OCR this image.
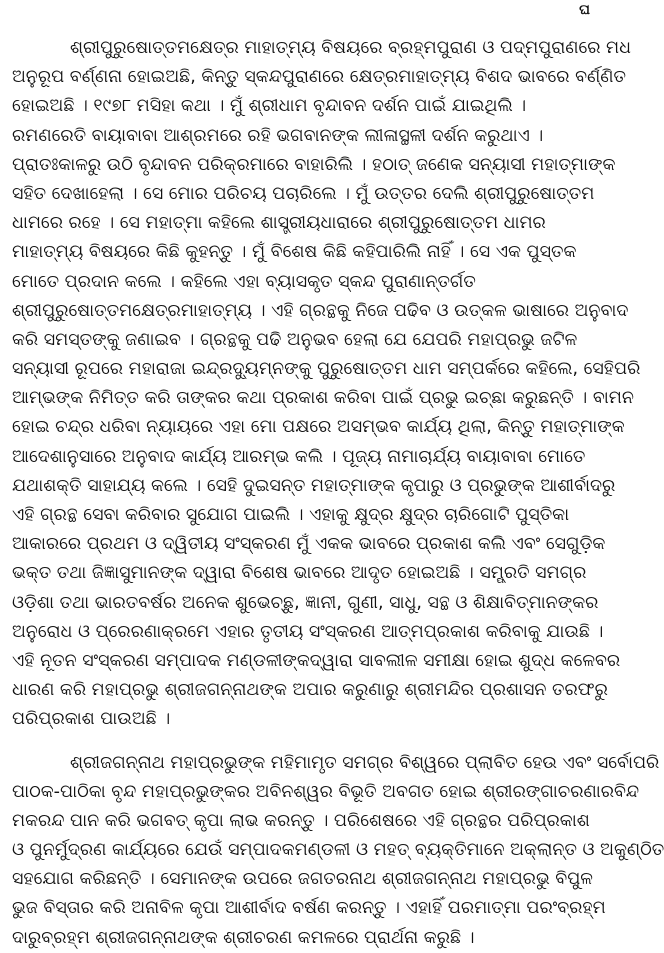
ଘ
ଶ୍ରୀପୁରୁଷୋତ୍ତମକ୍ଷେତ୍ର ମାହାତ୍ମ୍ୟ ବିଷୟରେ ବ୍ରହ୍ମପୁରାଣ ଓ ପଦ୍ମପୁରାଣରେ ମଧ
ଅନୁରୂପ ବର୍ଣ୍ଣନା ହୋଇଅଛି, କିନ୍ତୁ ସ୍କନ୍ଦପୁରାଣରେ କ୍ଷେତ୍ରମାହାତ୍ମ୍ୟ ବିଶଦ ଭାବରେ ବର୍ଣ୍ଣିତ
ହୋଇଅଛି । ୧୯୭୮ ମସିହା କଥା । ମୁଁ ଶ୍ରୀଧାମ ବୃନ୍ଦାବନ ଦର୍ଶନ ପାଇଁ ଯାଇଥିଲି ।
ରମଣରେତି ବାୟାବାବା ଆଶ୍ରମରେ ରହି ଭଗବାନଙ୍କ ଲୀଳାସ୍ଥଳୀ ଦର୍ଶନ କରୁଥାଏ ।
ପ୍ରାତଃକାଳରୁ ଉଠି ବୃନ୍ଦାବନ ପରିକ୍ରମାରେ ବାହାରିଲି । ହଠାତ୍ ଜଣେକ ସନ୍ୟାସୀ ମହାତ୍ମାଙ୍କ
ସହିତ ଦେଖାହେଲା । ସେ ମୋର ପରିଚୟ ପଚାରିଲେ । ମୁଁ ଉତ୍ତର ଦେଲି ଶ୍ରୀପୁରୁଷୋତ୍ତମ
ଧାମରେ ରହେ । ସେ ମହାତ୍ମା କହିଲେ ଶାସ୍ତ୍ରୀୟଧାରାରେ ଶ୍ରୀପୁରୁଷୋତ୍ତମ ଧାମର
ମାହାତ୍ମ୍ୟ ବିଷୟରେ କିଛି କୁହନ୍ତୁ । ମୁଁ ବିଶେଷ କିଛି କହିପାରିଲି ନାହିଁ । ସେ ଏକ ପୁସ୍ତକ
ମୋତେ ପ୍ରଦାନ କଲେ । କହିଲେ ଏହା ବ୍ୟାସକୃତ ସ୍କନ୍ଦ ପୁରାଣାନ୍ତର୍ଗତ
ଶ୍ରୀପୁରୁଷୋତ୍ତମକ୍ଷେତ୍ରମାହାତ୍ମ୍ୟ । ଏହି ଗ୍ରନ୍ଥକୁ ନିଜେ ପଢିବ ଓ ଉତ୍କଳ ଭାଷାରେ ଅନୁବାଦ
କରି ସମସ୍ତଙ୍କୁ ଜଣାଇବ । ଗ୍ରନ୍ଥକୁ ପଢି ଅନୁଭବ ହେଲା ଯେ ଯେପରି ମହାପ୍ରଭୁ ଜଟିଳ
ସନ୍ୟାସୀ ରୂପରେ ମହାରାଜା ଇନ୍ଦ୍ରଦ୍ୟୁମ୍ନଙ୍କୁ ପୁରୁଷୋତ୍ତମ ଧାମ ସମ୍ପର୍କରେ କହିଲେ, ସେହିପରି
ଆମ୍ଭଙ୍କ ନିମିତ୍ତ କରି ତାଙ୍କର କଥା ପ୍ରକାଶ କରିବା ପାଇଁ ପ୍ରଭୁ ଇଚ୍ଛା କରୁଛନ୍ତି । ବାମନ
ହୋଇ ଚନ୍ଦ୍ର ଧରିବା ନ୍ୟାୟରେ ଏହା ମୋ ପକ୍ଷରେ ଅସମ୍ଭବ କାର୍ଯ୍ୟ ଥିଲା, କିନ୍ତୁ ମହାତ୍ମାଙ୍କ
ଆଦେଶାନୁସାରେ ଅନୁବାଦ କାର୍ଯ୍ୟ ଆରମ୍ଭ କଲି । ପୂଜ୍ୟ ନାମାଚାର୍ଯ୍ୟ ବାୟାବାବା ମୋତେ
ଯଥାଶକ୍ତି ସାହାଯ୍ୟ କଲେ । ସେହି ଦୁଇସନ୍ତ ମହାତ୍ମାଙ୍କ କୃପାରୁ ଓ ପ୍ରଭୁଙ୍କ ଆଶୀର୍ବାଦରୁ
ଏହି ଗ୍ରନ୍ଥ ସେବା କରିବାର ସୁଯୋଗ ପାଇଲି । ଏହାକୁ କ୍ଷୁଦ୍ର କ୍ଷୁଦ୍ର ଚାରିଗୋଟି ପୁସ୍ତିକା
ଆକାରରେ ପ୍ରଥମ ଓ ଦ୍ୱିତୀୟ ସଂସ୍କରଣ ମୁଁ ଏକକ ଭାବରେ ପ୍ରକାଶ କଲି ଏବଂ ସେଗୁଡ଼ିକ
ଭକ୍ତ ତଥା ଜିଜ୍ଞାସୁମାନଙ୍କ ଦ୍ୱାରା ବିଶେଷ ଭାବରେ ଆଦୃତ ହୋଇଅଛି । ସମ୍ପ୍ରତି ସମଗ୍ର
ଓଡ଼ିଶା ତଥା ଭାରତବର୍ଷର ଅନେକ ଶୁଭେଚ୍ଛୁ, ଜ୍ଞାନୀ, ଗୁଣୀ, ସାଧୁ, ସନ୍ଥ ଓ ଶିକ୍ଷାବିତ୍‌ମାନଙ୍କର
ଅନୁରୋଧ ଓ ପ୍ରେରଣାକ୍ରମେ ଏହାର ତୃତୀୟ ସଂସ୍କରଣ ଆତ୍ମପ୍ରକାଶ କରିବାକୁ ଯାଉଛି ।
ଏହି ନୂତନ ସଂସ୍କରଣ ସମ୍ପାଦକ ମଣ୍ଡଳୀଙ୍କଦ୍ୱାରା ସାବଲୀଳ ସମୀକ୍ଷା ହୋଇ ଶୁଦ୍ଧ କଳେବର
ଧାରଣ କରି ମହାପ୍ରଭୁ ଶ୍ରୀଜଗନ୍ନାଥଙ୍କ ଅପାର କରୁଣାରୁ ଶ୍ରୀମନ୍ଦିର ପ୍ରଶାସନ ତରଫରୁ
ପରିପ୍ରକାଶ ପାଉଅଛି ।
ଶ୍ରୀଜଗନ୍ନାଥ ମହାପ୍ରଭୁଙ୍କ ମହିମାମୃତ ସମଗ୍ର ବିଶ୍ୱରେ ପ୍ଲାବିତ ହେଉ ଏବଂ ସର୍ବୋପରି
ପାଠକ-ପାଠିକା ବୃନ୍ଦ ମହାପ୍ରଭୁଙ୍କର ଅବିନଶ୍ୱର ବିଭୂତି ଅବଗତ ହୋଇ ଶ୍ରୀରଙ୍ଗାଚରଣାରବିନ୍ଦ
ମକରନ୍ଦ ପାନ କରି ଭଗବତ୍ କୃପା ଲାଭ କରନ୍ତୁ । ପରିଶେଷରେ ଏହି ଗ୍ରନ୍ଥର ପରିପ୍ରକାଶ
ଓ ପୁନର୍ମୁଦ୍ରଣ କାର୍ଯ୍ୟରେ ଯେଉଁ ସମ୍ପାଦକମଣ୍ଡଳୀ ଓ ମହତ୍ ବ୍ୟକ୍ତିମାନେ ଅକ୍ଲାନ୍ତ ଓ ଅକୁଣ୍ଠିତ
ସହଯୋଗ କରିଛନ୍ତି । ସେମାନଙ୍କ ଉପରେ ଜଗତରନାଥ ଶ୍ରୀଜଗନ୍ନାଥ ମହାପ୍ରଭୁ ବିପୁଳ
ଭୁଜ ବିସ୍ତାର କରି ଅନାବିଳ କୃପା ଆଶୀର୍ବାଦ ବର୍ଷଣ କରନ୍ତୁ । ଏହାହିଁ ପରମାତ୍ମା ପରଂବ୍ରହ୍ମ
ଦାରୁବ୍ରହ୍ମ ଶ୍ରୀଜଗନ୍ନାଥଙ୍କ ଶ୍ରୀଚରଣ କମଳରେ ପ୍ରାର୍ଥନା କରୁଛି ।
